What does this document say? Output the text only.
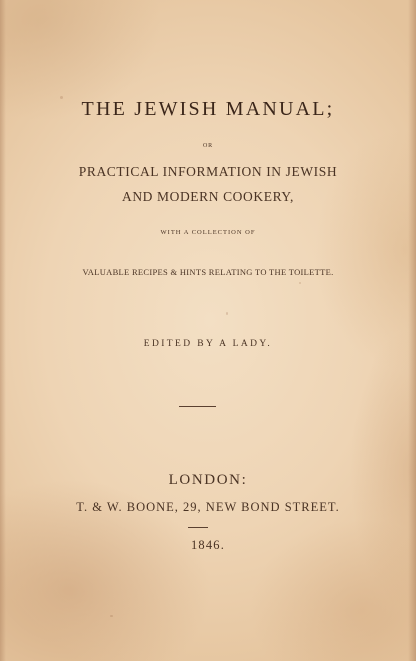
THE JEWISH MANUAL;
OR
PRACTICAL INFORMATION IN JEWISH
AND MODERN COOKERY,
WITH A COLLECTION OF
VALUABLE RECIPES & HINTS RELATING TO THE TOILETTE.
EDITED BY A LADY.
LONDON:
T. & W. BOONE, 29, NEW BOND STREET.
1846.
